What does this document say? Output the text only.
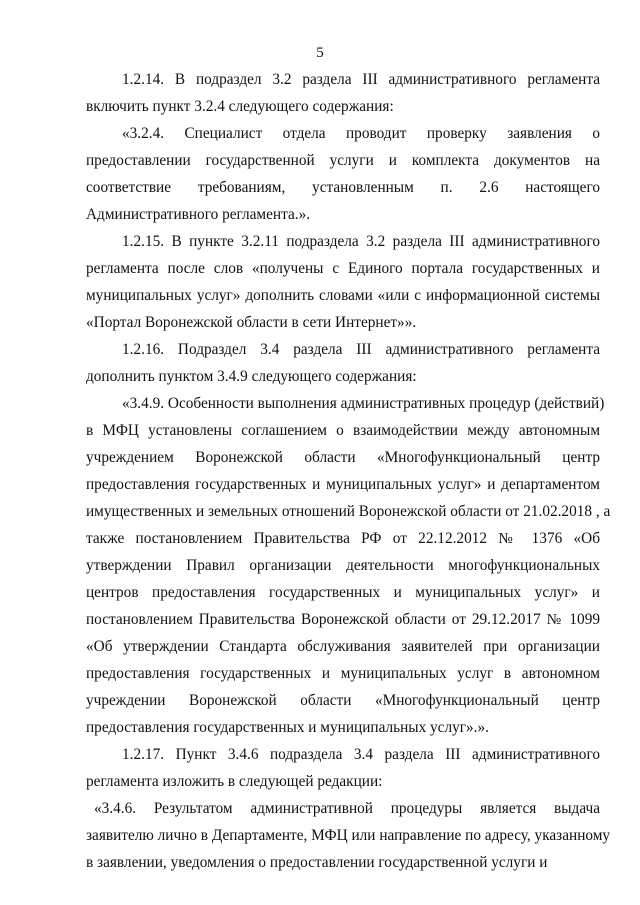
5
1.2.14. В подраздел 3.2 раздела III административного регламента
включить пункт 3.2.4 следующего содержания:
«3.2.4. Специалист отдела проводит проверку заявления о
предоставлении государственной услуги и комплекта документов на
соответствие требованиям, установленным п. 2.6 настоящего
Административного регламента.».
1.2.15. В пункте 3.2.11 подраздела 3.2 раздела III административного
регламента после слов «получены с Единого портала государственных и
муниципальных услуг» дополнить словами «или с информационной системы
«Портал Воронежской области в сети Интернет»».
1.2.16. Подраздел 3.4 раздела III административного регламента
дополнить пунктом 3.4.9 следующего содержания:
«3.4.9. Особенности выполнения административных процедур (действий)
в МФЦ установлены соглашением о взаимодействии между автономным
учреждением Воронежской области «Многофункциональный центр
предоставления государственных и муниципальных услуг» и департаментом
имущественных и земельных отношений Воронежской области от 21.02.2018 , а
также постановлением Правительства РФ от 22.12.2012 № 1376 «Об
утверждении Правил организации деятельности многофункциональных
центров предоставления государственных и муниципальных услуг» и
постановлением Правительства Воронежской области от 29.12.2017 № 1099
«Об утверждении Стандарта обслуживания заявителей при организации
предоставления государственных и муниципальных услуг в автономном
учреждении Воронежской области «Многофункциональный центр
предоставления государственных и муниципальных услуг».».
1.2.17. Пункт 3.4.6 подраздела 3.4 раздела III административного
регламента изложить в следующей редакции:
«3.4.6. Результатом административной процедуры является выдача
заявителю лично в Департаменте, МФЦ или направление по адресу, указанному
в заявлении, уведомления о предоставлении государственной услуги и
